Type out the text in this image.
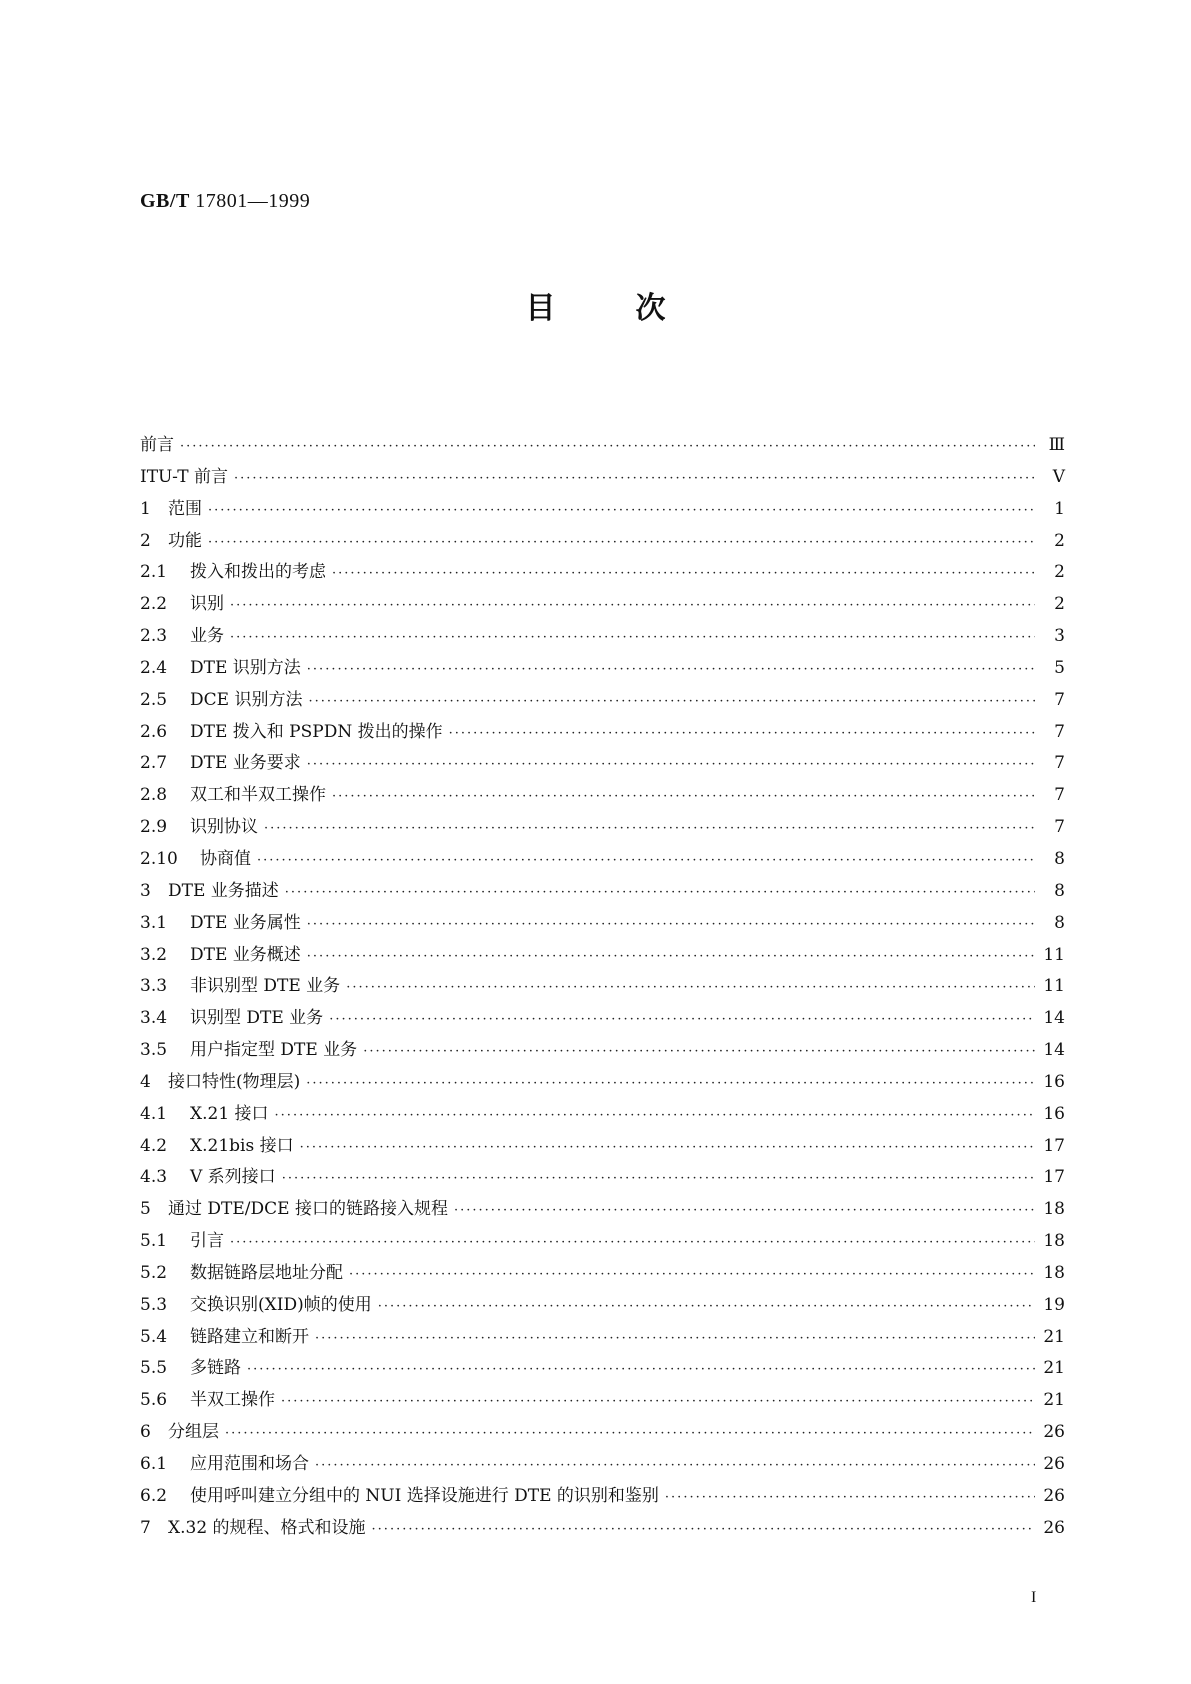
GB/T 17801—1999
目次
前言 ·····	Ⅲ
ITU-T 前言 ·····	Ⅴ
1	范围 ·····	1
2	功能 ·····	2
2.1	拨入和拨出的考虑 ·····	2
2.2	识别 ·····	2
2.3	业务 ·····	3
2.4	DTE 识别方法 ·····	5
2.5	DCE 识别方法 ·····	7
2.6	DTE 拨入和 PSPDN 拨出的操作 ·····	7
2.7	DTE 业务要求 ·····	7
2.8	双工和半双工操作 ·····	7
2.9	识别协议 ·····	7
2.10	协商值 ·····	8
3	DTE 业务描述 ·····	8
3.1	DTE 业务属性 ·····	8
3.2	DTE 业务概述 ·····	11
3.3	非识别型 DTE 业务 ·····	11
3.4	识别型 DTE 业务 ·····	14
3.5	用户指定型 DTE 业务 ·····	14
4	接口特性(物理层) ·····	16
4.1	X.21 接口 ·····	16
4.2	X.21bis 接口 ·····	17
4.3	V 系列接口 ·····	17
5	通过 DTE/DCE 接口的链路接入规程 ·····	18
5.1	引言 ·····	18
5.2	数据链路层地址分配 ·····	18
5.3	交换识别(XID)帧的使用 ·····	19
5.4	链路建立和断开 ·····	21
5.5	多链路 ·····	21
5.6	半双工操作 ·····	21
6	分组层 ·····	26
6.1	应用范围和场合 ·····	26
6.2	使用呼叫建立分组中的 NUI 选择设施进行 DTE 的识别和鉴别 ·····	26
7	X.32 的规程、格式和设施 ·····	26
I
